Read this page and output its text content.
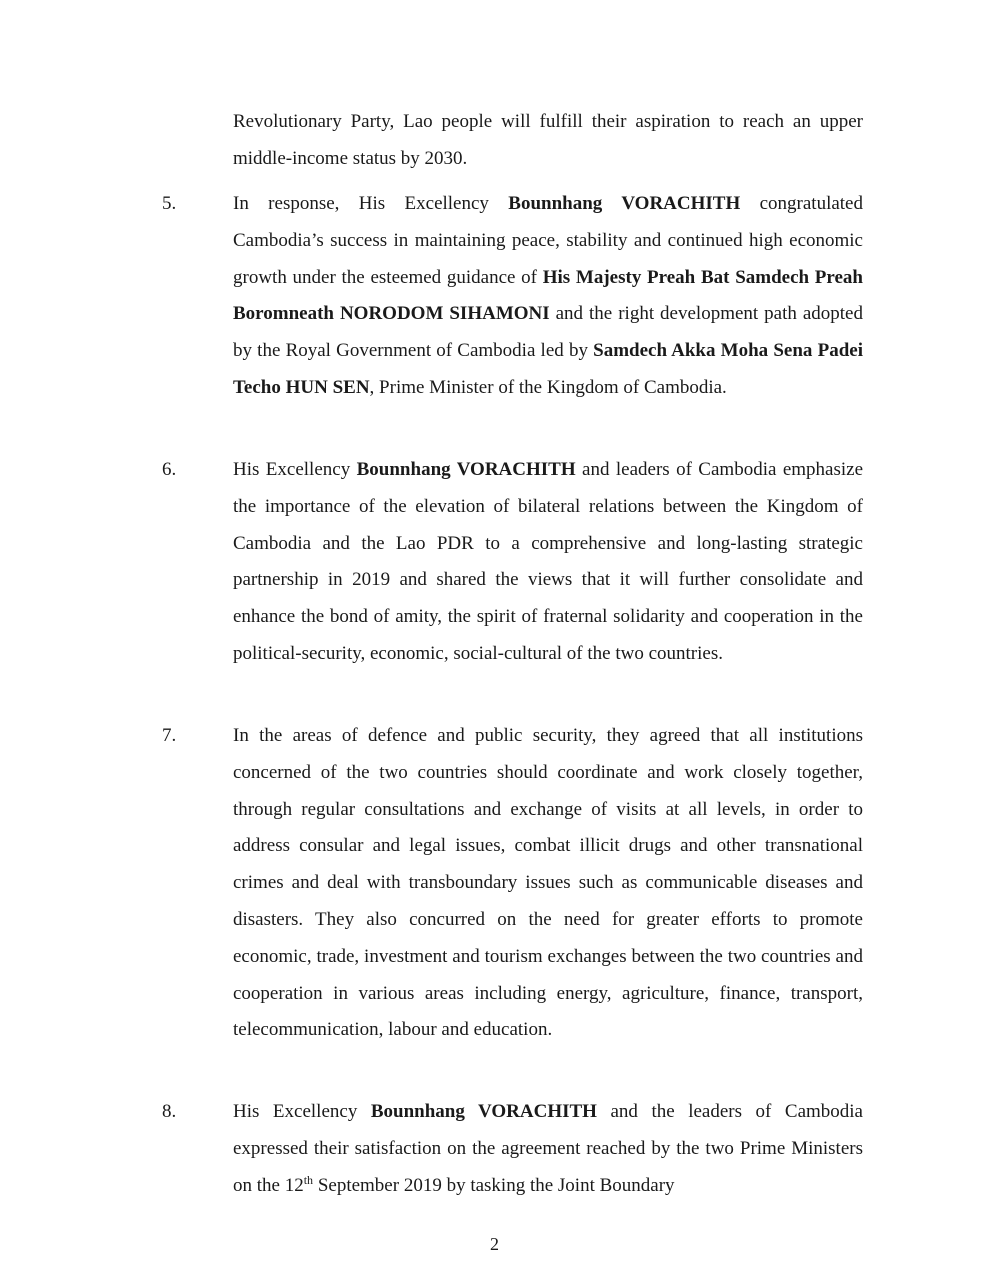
Revolutionary Party, Lao people will fulfill their aspiration to reach an upper middle-income status by 2030.
5.	In response, His Excellency Bounnhang VORACHITH congratulated Cambodia’s success in maintaining peace, stability and continued high economic growth under the esteemed guidance of His Majesty Preah Bat Samdech Preah Boromneath NORODOM SIHAMONI and the right development path adopted by the Royal Government of Cambodia led by Samdech Akka Moha Sena Padei Techo HUN SEN, Prime Minister of the Kingdom of Cambodia.
6.	His Excellency Bounnhang VORACHITH and leaders of Cambodia emphasize the importance of the elevation of bilateral relations between the Kingdom of Cambodia and the Lao PDR to a comprehensive and long-lasting strategic partnership in 2019 and shared the views that it will further consolidate and enhance the bond of amity, the spirit of fraternal solidarity and cooperation in the political-security, economic, social-cultural of the two countries.
7.	In the areas of defence and public security, they agreed that all institutions concerned of the two countries should coordinate and work closely together, through regular consultations and exchange of visits at all levels, in order to address consular and legal issues, combat illicit drugs and other transnational crimes and deal with transboundary issues such as communicable diseases and disasters. They also concurred on the need for greater efforts to promote economic, trade, investment and tourism exchanges between the two countries and cooperation in various areas including energy, agriculture, finance, transport, telecommunication, labour and education.
8.	His Excellency Bounnhang VORACHITH and the leaders of Cambodia expressed their satisfaction on the agreement reached by the two Prime Ministers on the 12th September 2019 by tasking the Joint Boundary
2
